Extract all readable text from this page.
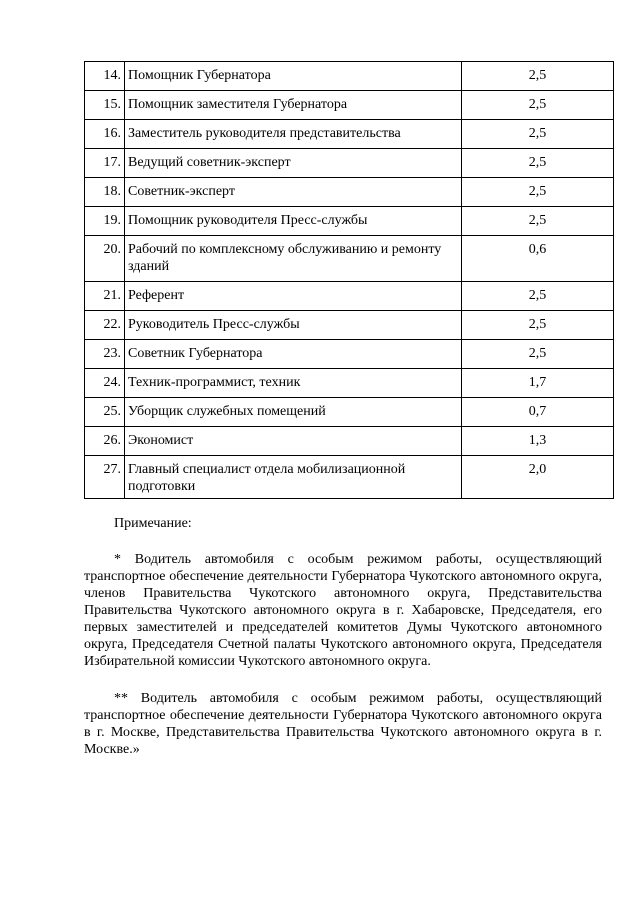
14.	Помощник Губернатора	2,5
15.	Помощник заместителя Губернатора	2,5
16.	Заместитель руководителя представительства	2,5
17.	Ведущий советник-эксперт	2,5
18.	Советник-эксперт	2,5
19.	Помощник руководителя Пресс-службы	2,5
20.	Рабочий по комплексному обслуживанию и ремонту зданий	0,6
21.	Референт	2,5
22.	Руководитель Пресс-службы	2,5
23.	Советник Губернатора	2,5
24.	Техник-программист, техник	1,7
25.	Уборщик служебных помещений	0,7
26.	Экономист	1,3
27.	Главный специалист отдела мобилизационной подготовки	2,0
Примечание:

* Водитель автомобиля с особым режимом работы, осуществляющий транспортное обеспечение деятельности Губернатора Чукотского автономного округа, членов Правительства Чукотского автономного округа, Представительства Правительства Чукотского автономного округа в г. Хабаровске, Председателя, его первых заместителей и председателей комитетов Думы Чукотского автономного округа, Председателя Счетной палаты Чукотского автономного округа, Председателя Избирательной комиссии Чукотского автономного округа.

** Водитель автомобиля с особым режимом работы, осуществляющий транспортное обеспечение деятельности Губернатора Чукотского автономного округа в г. Москве, Представительства Правительства Чукотского автономного округа в г. Москве.»
